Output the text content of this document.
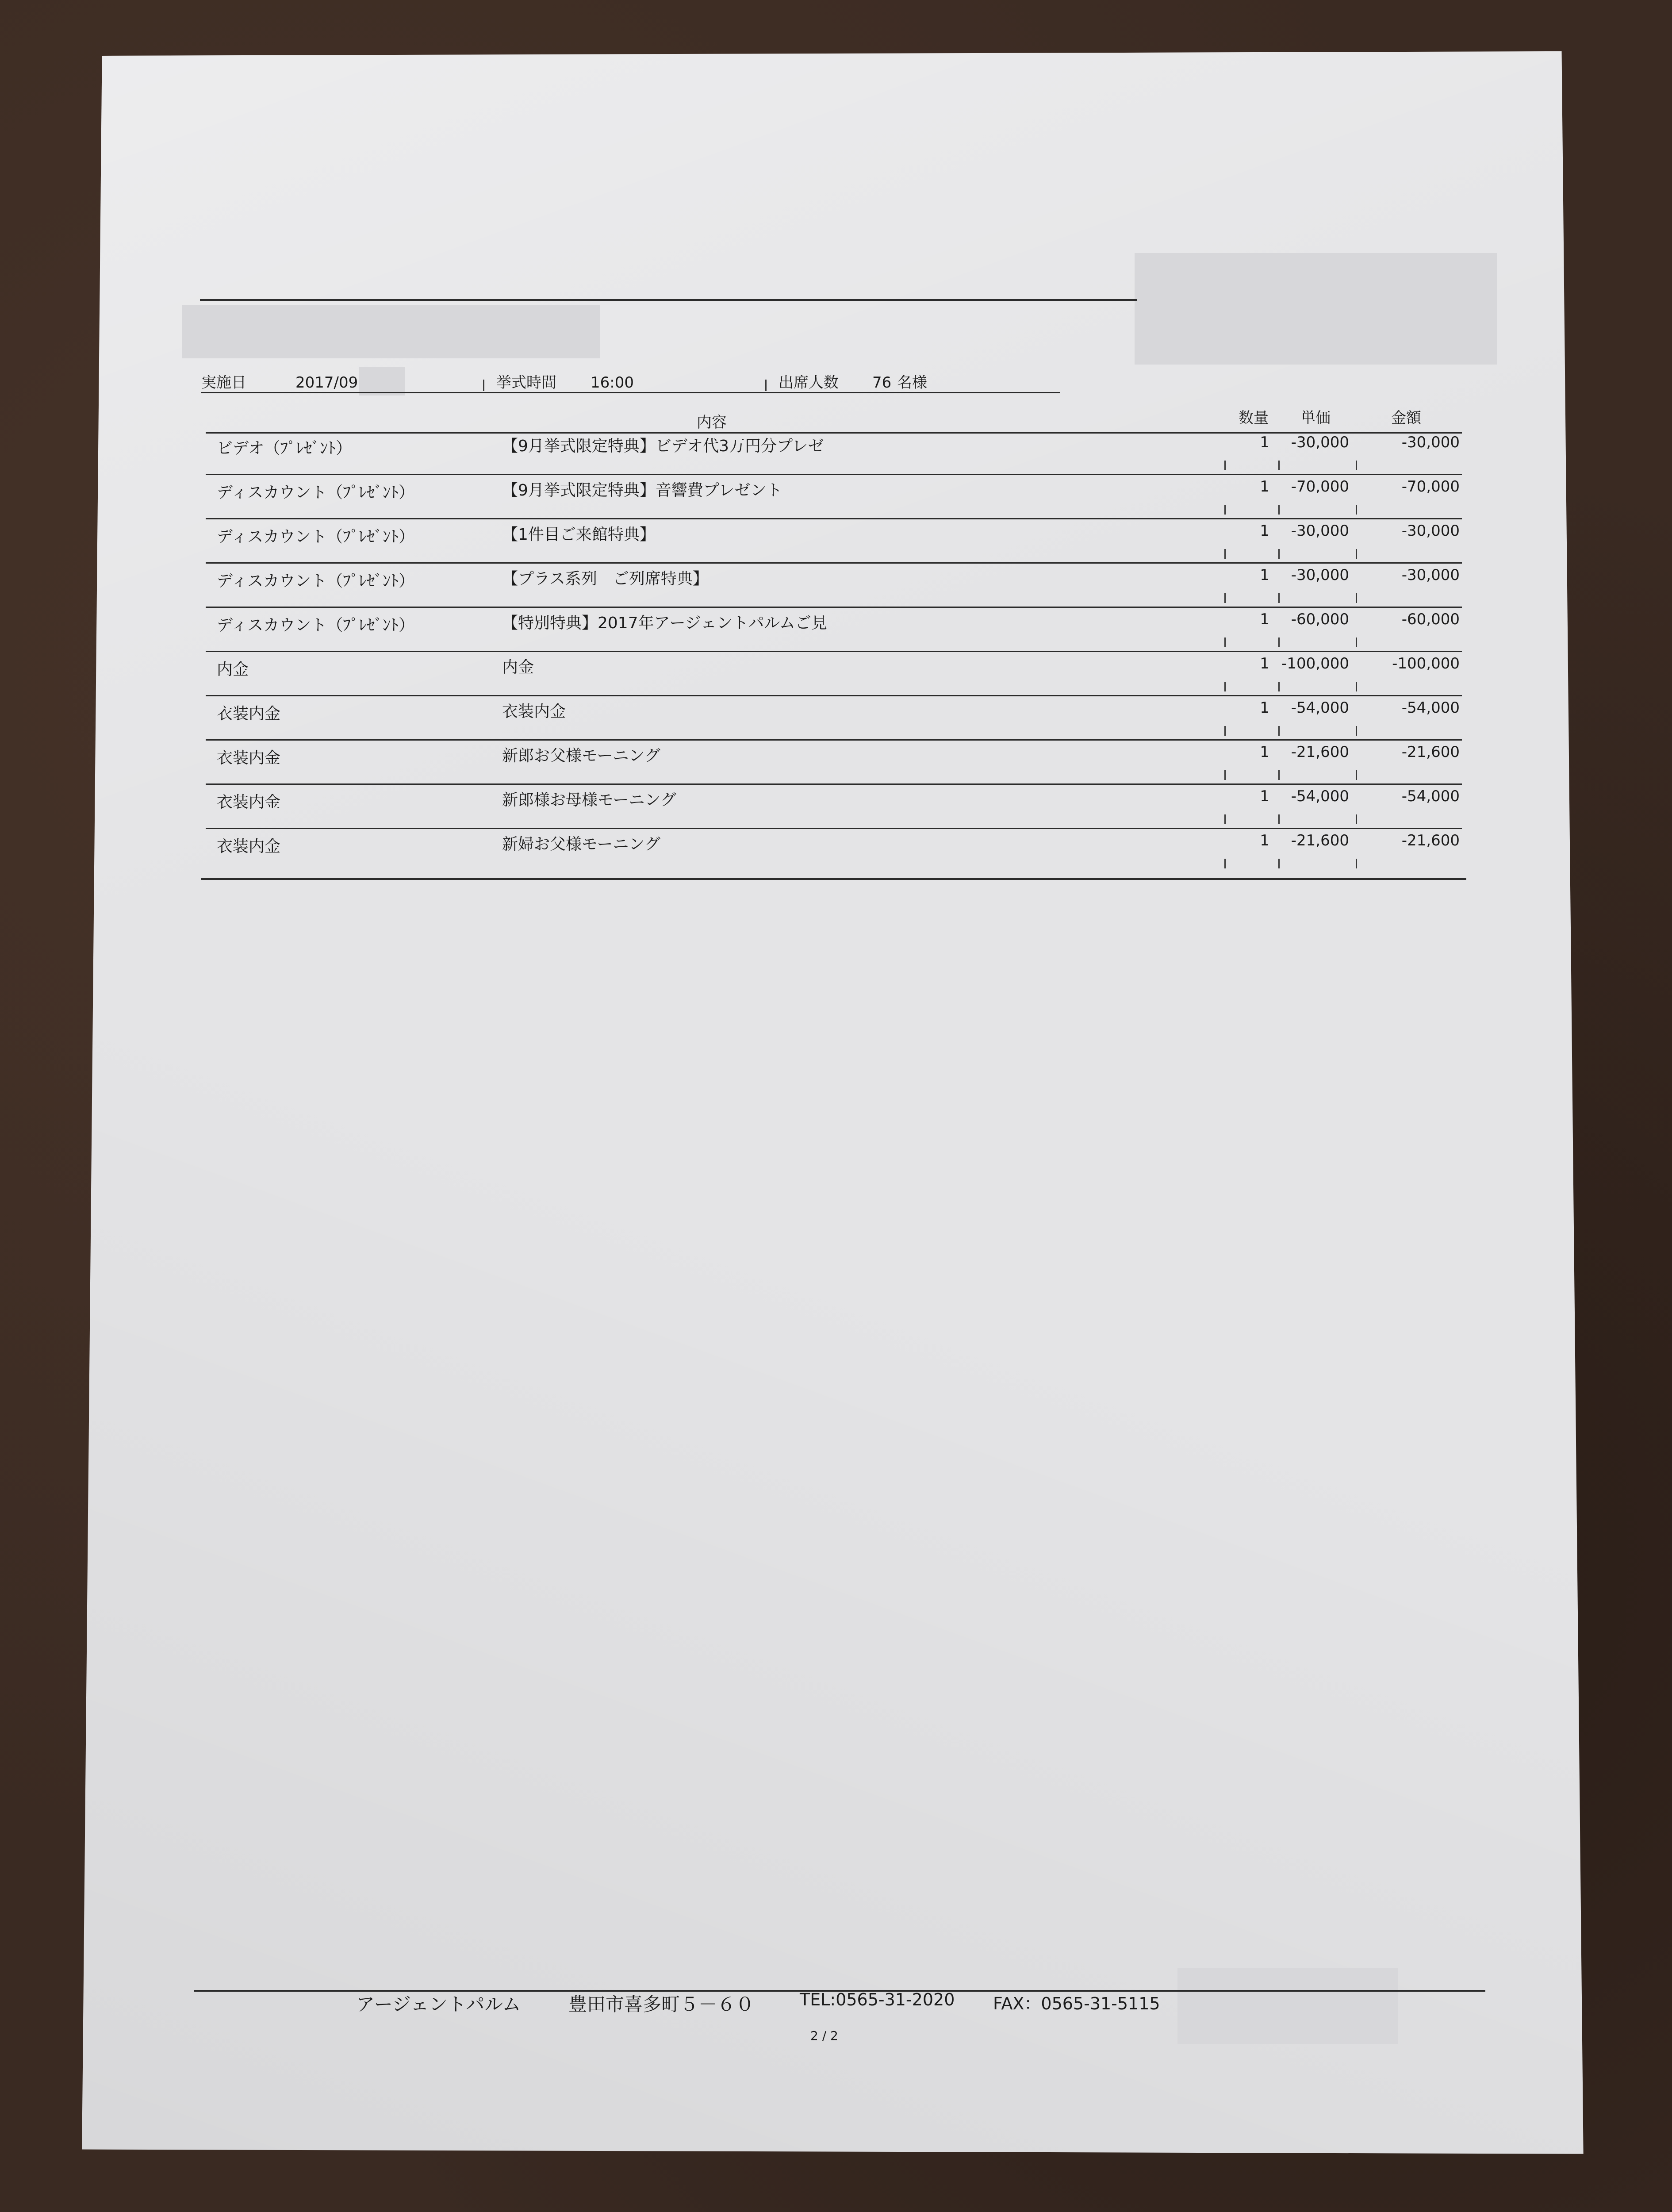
実施日	2017/09	挙式時間 16:00	出席人数 76 名様
内容	数量 単価	金額
ビデオ（ﾌﾟﾚｾﾞﾝﾄ）	【9月挙式限定特典】ビデオ代3万円分プレゼ	1	-30,000	-30,000
ディスカウント（ﾌﾟﾚｾﾞﾝﾄ）	【9月挙式限定特典】音響費プレゼント	1	-70,000	-70,000
ディスカウント（ﾌﾟﾚｾﾞﾝﾄ）	【1件目ご来館特典】	1	-30,000	-30,000
ディスカウント（ﾌﾟﾚｾﾞﾝﾄ）	【プラス系列　ご列席特典】	1	-30,000	-30,000
ディスカウント（ﾌﾟﾚｾﾞﾝﾄ）	【特別特典】2017年アージェントパルムご見	1	-60,000	-60,000
内金	内金	1 -100,000	-100,000
衣装内金	衣装内金	1	-54,000	-54,000
衣装内金	新郎お父様モーニング	1	-21,600	-21,600
衣装内金	新郎様お母様モーニング	1	-54,000	-54,000
衣装内金	新婦お父様モーニング	1	-21,600	-21,600
アージェントパルム	豊田市喜多町５－６０	TEL:0565-31-2020 FAX：0565-31-5115
2 / 2
